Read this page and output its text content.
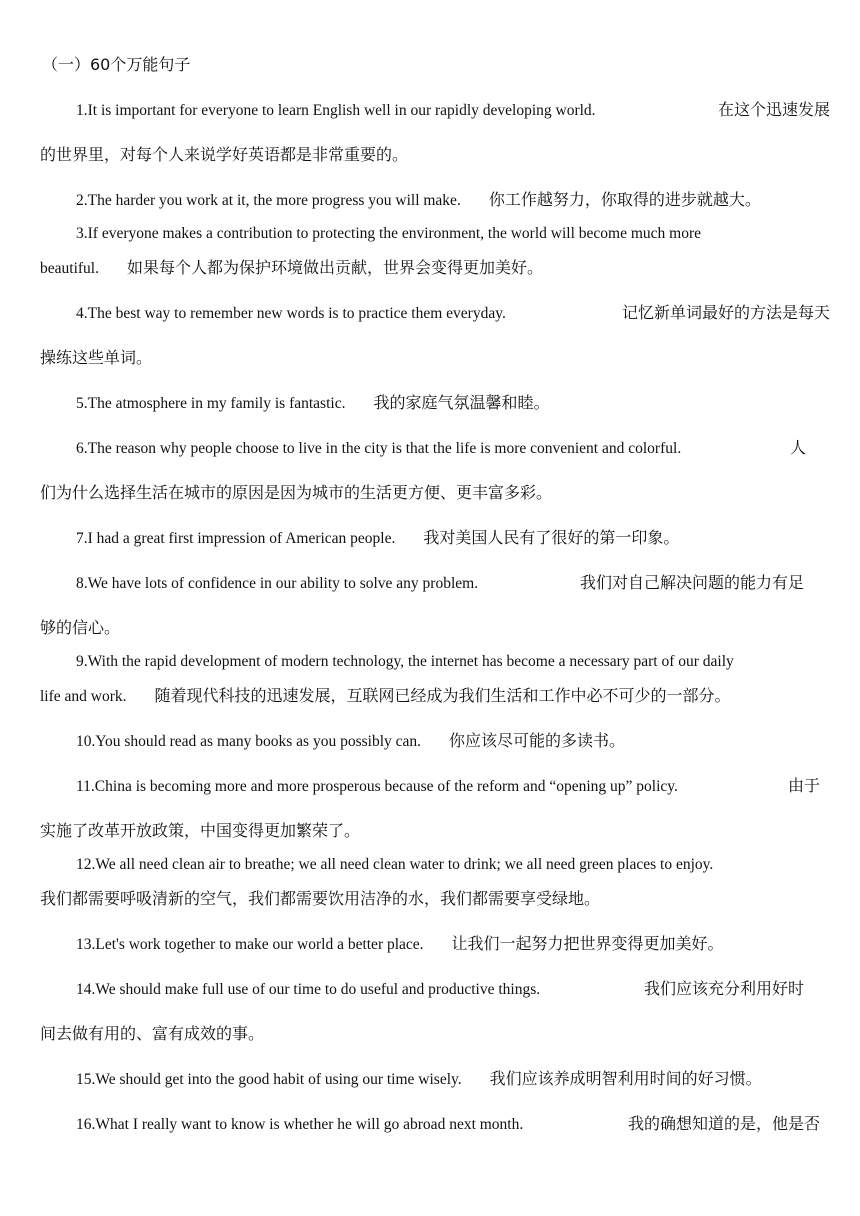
（一）60个万能句子
1.It is important for everyone to learn English well in our rapidly developing world.	在这个迅速发展
的世界里，对每个人来说学好英语都是非常重要的。
2.The harder you work at it, the more progress you will make. 你工作越努力，你取得的进步就越大。
3.If everyone makes a contribution to protecting the environment, the world will become much more
beautiful. 如果每个人都为保护环境做出贡献，世界会变得更加美好。
4.The best way to remember new words is to practice them everyday.	记忆新单词最好的方法是每天
操练这些单词。
5.The atmosphere in my family is fantastic. 我的家庭气氛温馨和睦。
6.The reason why people choose to live in the city is that the life is more convenient and colorful.	人
们为什么选择生活在城市的原因是因为城市的生活更方便、更丰富多彩。
7.I had a great first impression of American people. 我对美国人民有了很好的第一印象。
8.We have lots of confidence in our ability to solve any problem.	我们对自己解决问题的能力有足
够的信心。
9.With the rapid development of modern technology, the internet has become a necessary part of our daily
life and work. 随着现代科技的迅速发展，互联网已经成为我们生活和工作中必不可少的一部分。
10.You should read as many books as you possibly can. 你应该尽可能的多读书。
11.China is becoming more and more prosperous because of the reform and “opening up” policy.	由于
实施了改革开放政策，中国变得更加繁荣了。
12.We all need clean air to breathe; we all need clean water to drink; we all need green places to enjoy.
我们都需要呼吸清新的空气，我们都需要饮用洁净的水，我们都需要享受绿地。
13.Let's work together to make our world a better place. 让我们一起努力把世界变得更加美好。
14.We should make full use of our time to do useful and productive things.	我们应该充分利用好时
间去做有用的、富有成效的事。
15.We should get into the good habit of using our time wisely. 我们应该养成明智利用时间的好习惯。
16.What I really want to know is whether he will go abroad next month.	我的确想知道的是，他是否
